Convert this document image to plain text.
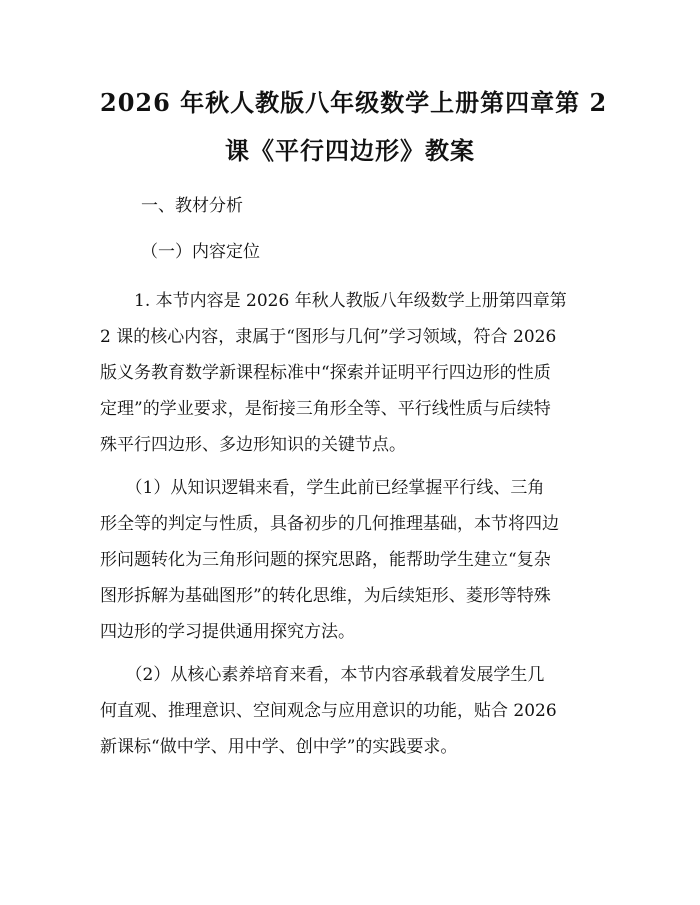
2026 年秋人教版八年级数学上册第四章第 2
课《平行四边形》教案
一、教材分析
（一）内容定位
　　1. 本节内容是 2026 年秋人教版八年级数学上册第四章第
2 课的核心内容，隶属于“图形与几何”学习领域，符合 2026
版义务教育数学新课程标准中“探索并证明平行四边形的性质
定理”的学业要求，是衔接三角形全等、平行线性质与后续特
殊平行四边形、多边形知识的关键节点。
　　（1）从知识逻辑来看，学生此前已经掌握平行线、三角
形全等的判定与性质，具备初步的几何推理基础，本节将四边
形问题转化为三角形问题的探究思路，能帮助学生建立“复杂
图形拆解为基础图形”的转化思维，为后续矩形、菱形等特殊
四边形的学习提供通用探究方法。
　　（2）从核心素养培育来看，本节内容承载着发展学生几
何直观、推理意识、空间观念与应用意识的功能，贴合 2026
新课标“做中学、用中学、创中学”的实践要求。
